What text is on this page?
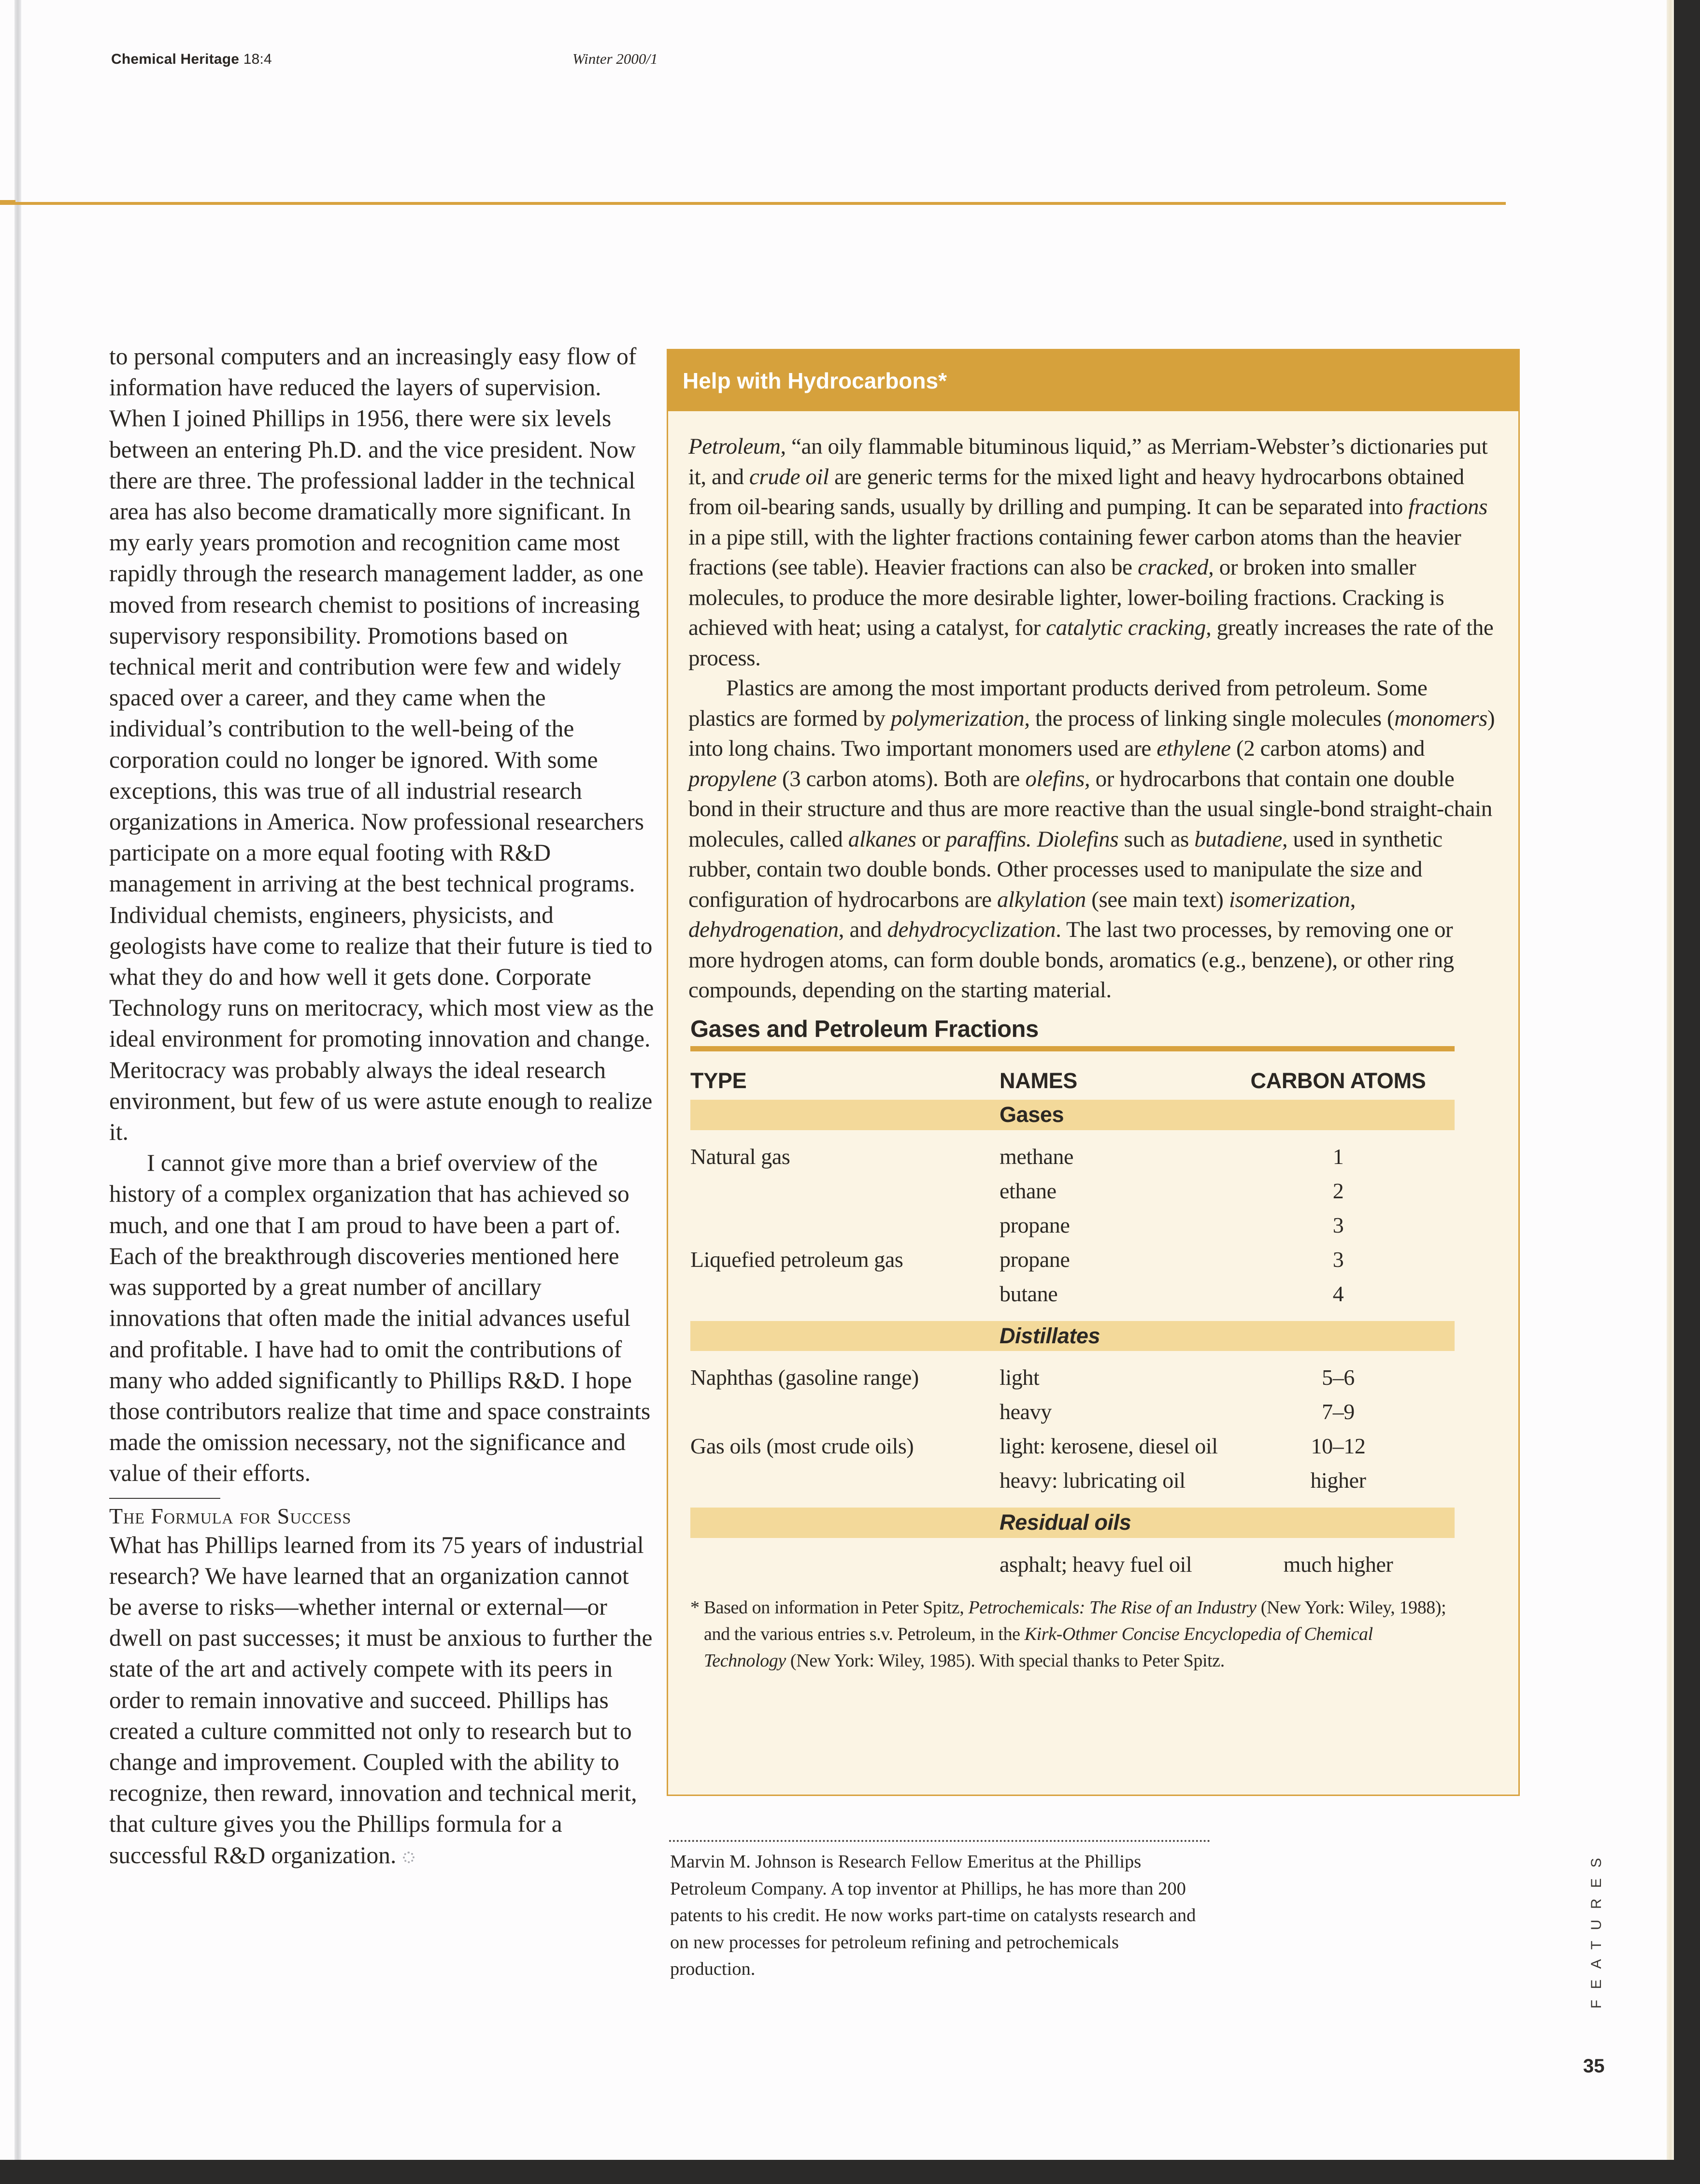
Chemical Heritage 18:4	Winter 2000/1

to personal computers and an increasingly easy flow of information have reduced the layers of supervision. When I joined Phillips in 1956, there were six levels between an entering Ph.D. and the vice president. Now there are three. The professional ladder in the technical area has also become dramatically more significant. In my early years promotion and recognition came most rapidly through the research management ladder, as one moved from research chemist to positions of increasing supervisory responsibility. Promotions based on technical merit and contribution were few and widely spaced over a career, and they came when the individual’s contribution to the well-being of the corporation could no longer be ignored. With some exceptions, this was true of all industrial research organizations in America. Now professional researchers participate on a more equal footing with R&D management in arriving at the best technical programs. Individual chemists, engineers, physicists, and geologists have come to realize that their future is tied to what they do and how well it gets done. Corporate Technology runs on meritocracy, which most view as the ideal environment for promoting innovation and change. Meritocracy was probably always the ideal research environment, but few of us were astute enough to realize it.

I cannot give more than a brief overview of the history of a complex organization that has achieved so much, and one that I am proud to have been a part of. Each of the breakthrough discoveries mentioned here was supported by a great number of ancillary innovations that often made the initial advances useful and profitable. I have had to omit the contributions of many who added significantly to Phillips R&D. I hope those contributors realize that time and space constraints made the omission necessary, not the significance and value of their efforts.

The Formula for Success

What has Phillips learned from its 75 years of industrial research? We have learned that an organization cannot be averse to risks—whether internal or external—or dwell on past successes; it must be anxious to further the state of the art and actively compete with its peers in order to remain innovative and succeed. Phillips has created a culture committed not only to research but to change and improvement. Coupled with the ability to recognize, then reward, innovation and technical merit, that culture gives you the Phillips formula for a successful R&D organization.

Help with Hydrocarbons*

Petroleum, “an oily flammable bituminous liquid,” as Merriam-Webster’s dictionaries put it, and crude oil are generic terms for the mixed light and heavy hydrocarbons obtained from oil-bearing sands, usually by drilling and pumping. It can be separated into fractions in a pipe still, with the lighter fractions containing fewer carbon atoms than the heavier fractions (see table). Heavier fractions can also be cracked, or broken into smaller molecules, to produce the more desirable lighter, lower-boiling fractions. Cracking is achieved with heat; using a catalyst, for catalytic cracking, greatly increases the rate of the process.

Plastics are among the most important products derived from petroleum. Some plastics are formed by polymerization, the process of linking single molecules (monomers) into long chains. Two important monomers used are ethylene (2 carbon atoms) and propylene (3 carbon atoms). Both are olefins, or hydrocarbons that contain one double bond in their structure and thus are more reactive than the usual single-bond straight-chain molecules, called alkanes or paraffins. Diolefins such as butadiene, used in synthetic rubber, contain two double bonds. Other processes used to manipulate the size and configuration of hydrocarbons are alkylation (see main text) isomerization, dehydrogenation, and dehydrocyclization. The last two processes, by removing one or more hydrogen atoms, can form double bonds, aromatics (e.g., benzene), or other ring compounds, depending on the starting material.

Gases and Petroleum Fractions
TYPE	NAMES	CARBON ATOMS
Gases		

Natural gas	methane	1
	ethane	2
	propane	3
Liquefied petroleum gas	propane	3
	butane	4

Distillates		

Naphthas (gasoline range)	light	5–6
	heavy	7–9
Gas oils (most crude oils)	light: kerosene, diesel oil	10–12
	heavy: lubricating oil	higher

Residual oils		

	asphalt; heavy fuel oil	much higher
* Based on information in Peter Spitz, Petrochemicals: The Rise of an Industry (New York: Wiley, 1988); and the various entries s.v. Petroleum, in the Kirk-Othmer Concise Encyclopedia of Chemical Technology (New York: Wiley, 1985). With special thanks to Peter Spitz.
Marvin M. Johnson is Research Fellow Emeritus at the Phillips Petroleum Company. A top inventor at Phillips, he has more than 200 patents to his credit. He now works part-time on catalysts research and on new processes for petroleum refining and petrochemicals production.	FEATURES
35
